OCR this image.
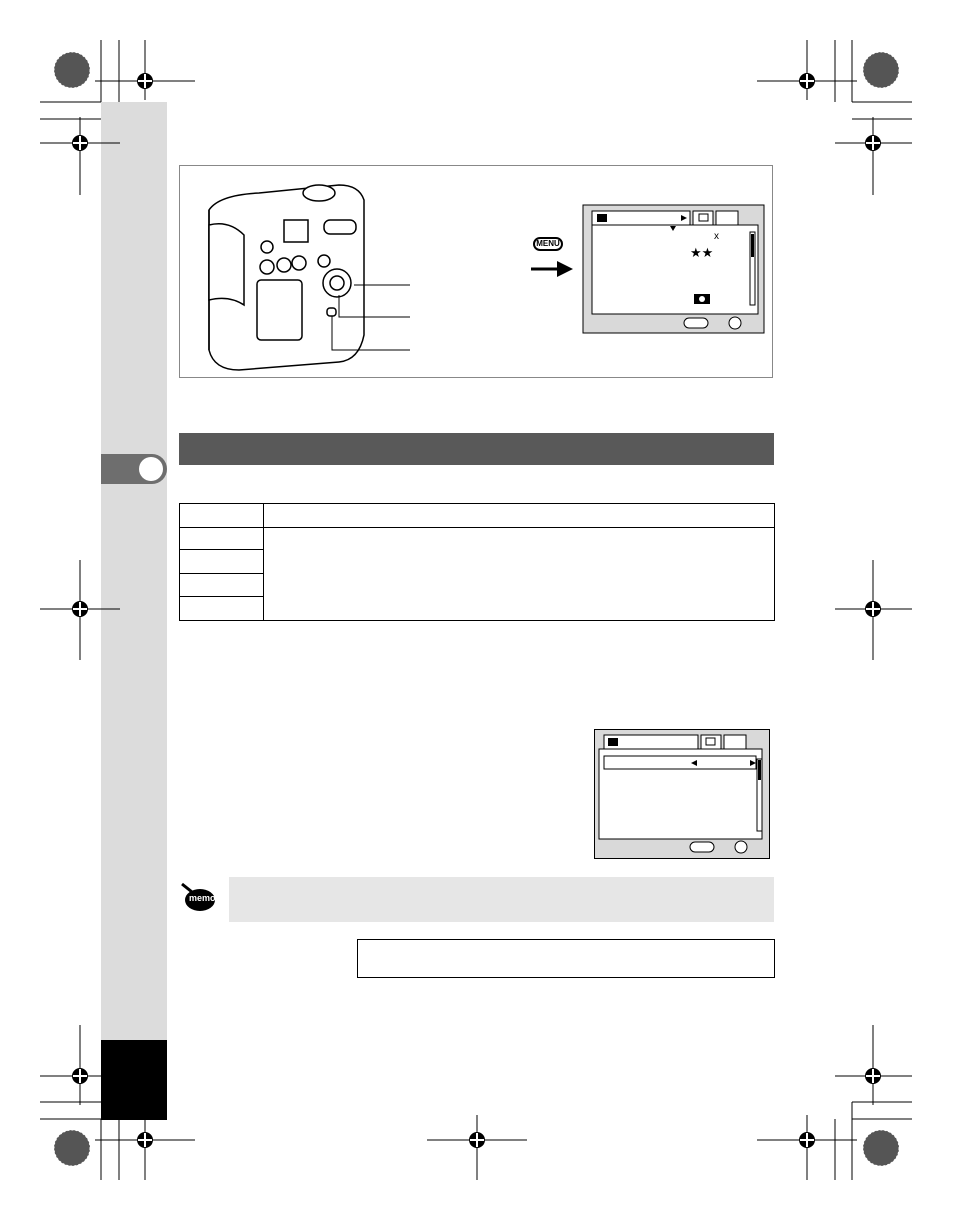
MENU
x
★★

memo
